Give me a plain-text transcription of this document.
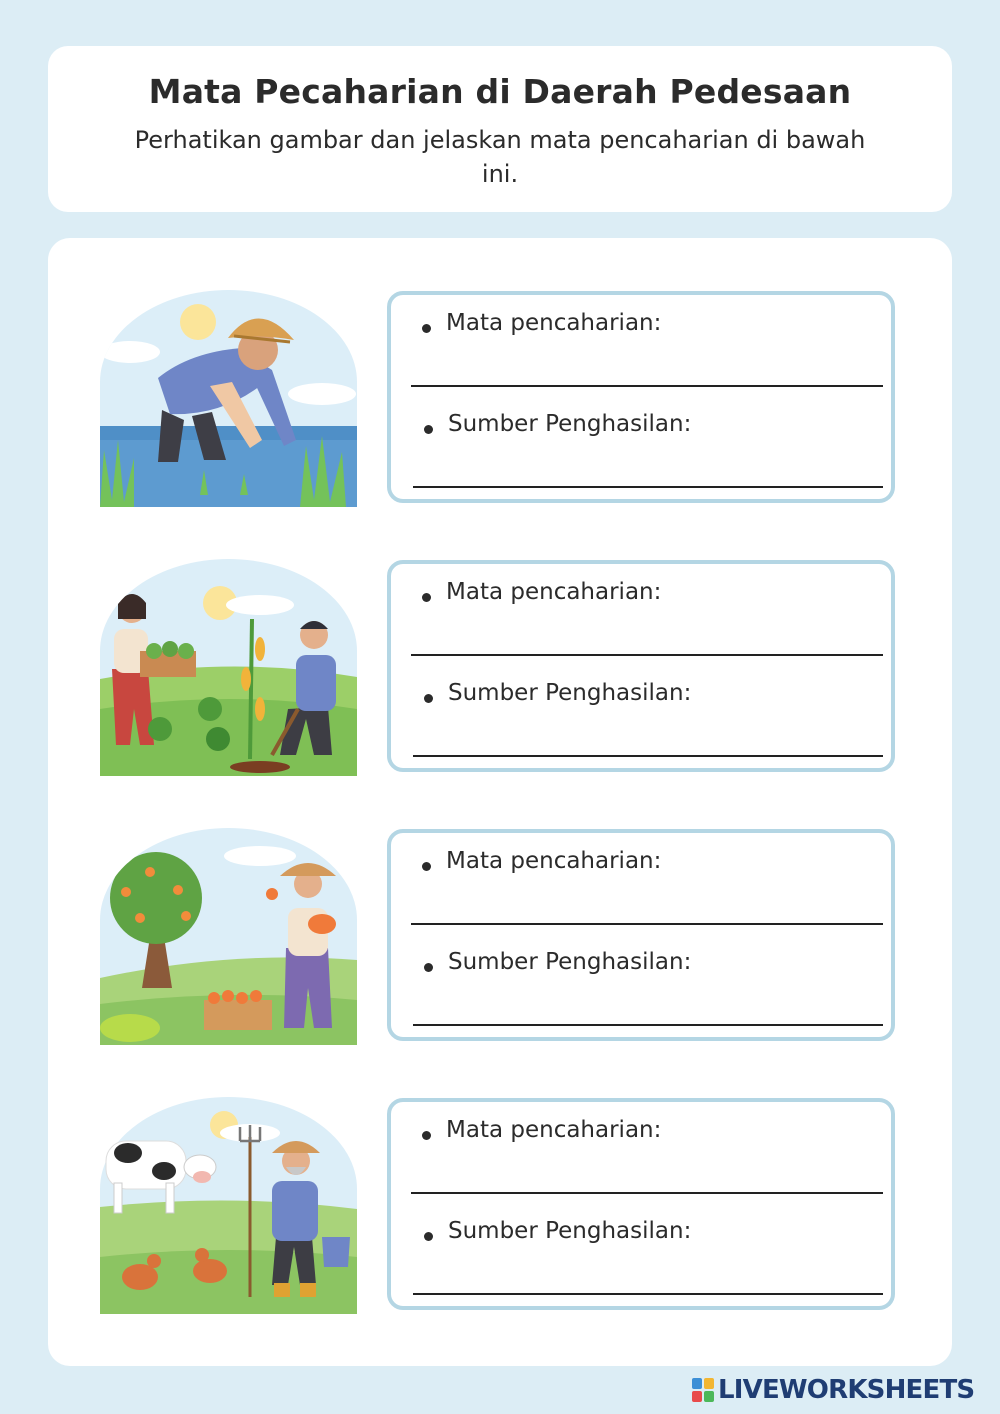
Mata Pecaharian di Daerah Pedesaan
Perhatikan gambar dan jelaskan mata pencaharian di bawah ini.
Mata pencaharian:
Sumber Penghasilan:
Mata pencaharian:
Sumber Penghasilan:
Mata pencaharian:
Sumber Penghasilan:
Mata pencaharian:
Sumber Penghasilan:
LIVEWORKSHEETS
